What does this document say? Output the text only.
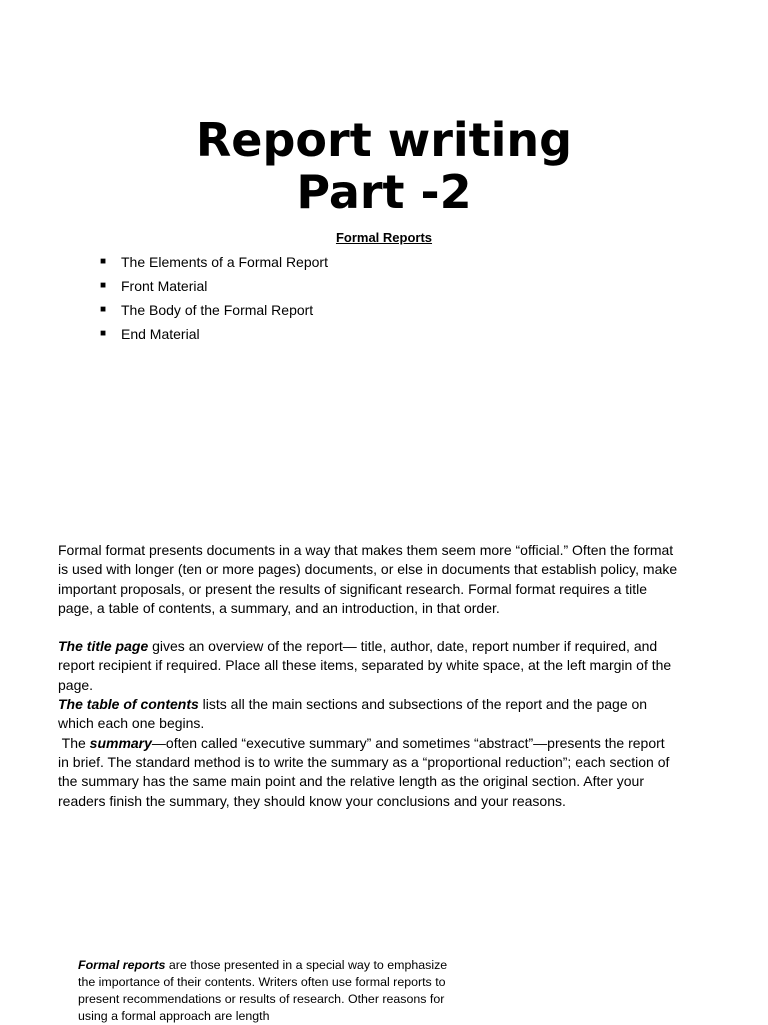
Report writing
Part -2
Formal Reports
■	The Elements of a Formal Report
■	Front Material
■	The Body of the Formal Report
■	End Material

Formal format presents documents in a way that makes them seem more “official.” Often the format is used with longer (ten or more pages) documents, or else in documents that establish policy, make important proposals, or present the results of significant research. Formal format requires a title page, a table of contents, a summary, and an introduction, in that order.

The title page gives an overview of the report— title, author, date, report number if required, and report recipient if required. Place all these items, separated by white space, at the left margin of the page.

The table of contents lists all the main sections and subsections of the report and the page on which each one begins.

The summary—often called “executive summary” and sometimes “abstract”—presents the report in brief. The standard method is to write the summary as a “proportional reduction”; each section of the summary has the same main point and the relative length as the original section. After your readers finish the summary, they should know your conclusions and your reasons.

Formal reports are those presented in a special way to emphasize the importance of their contents. Writers often use formal reports to present recommendations or results of research. Other reasons for using a formal approach are length
